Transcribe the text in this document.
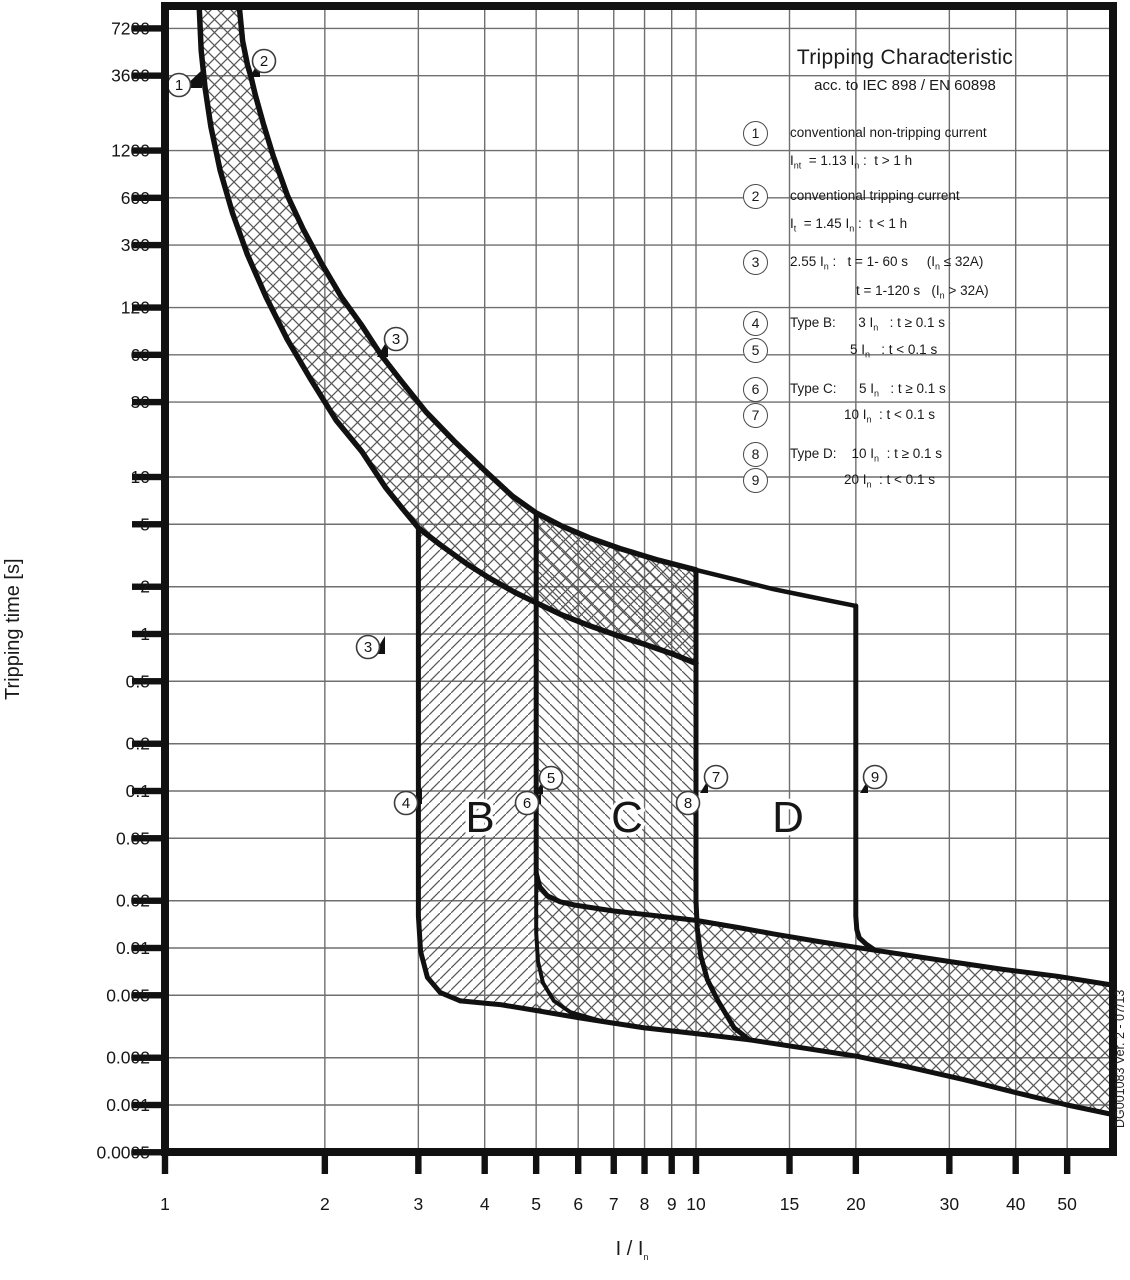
B	C	D
1
2
3
3
4
5
6
7
8
9
7200
3600
1200
600
300
120
60
30
10
5
2
1
0.5
0.2
0.1
0.05
0.02
0.01
0.005
0.002
0.001
0.0005
1	2	3	4 5 6 7 8 9 10	15	20	30	40 50
Tripping Characteristic
acc. to IEC 898 / EN 60898
1	conventional non-tripping current
$I_{nt} = 1.13$ $I_n$ :  t > 1 h
2	conventional tripping current
$I_t = 1.45$ $I_n$ :  t < 1 h
3	2.55 $I_n$ :   t = 1- 60 s     $(I_n \le 32A)$
t = 1-120 s   $(I_n > 32A)$
4	Type B:      3 $I_n$   : t ≥ 0.1 s
5	5 $I_n$   : t < 0.1 s
6	Type C:      5 $I_n$   : t ≥ 0.1 s
7	10 $I_n$  : t < 0.1 s
8	Type D:    10 $I_n$  : t ≥ 0.1 s
9	20 $I_n$  : t < 0.1 s
Tripping time [s]
I / $I_n$
DG001083 Ver. 2 - 07/13
